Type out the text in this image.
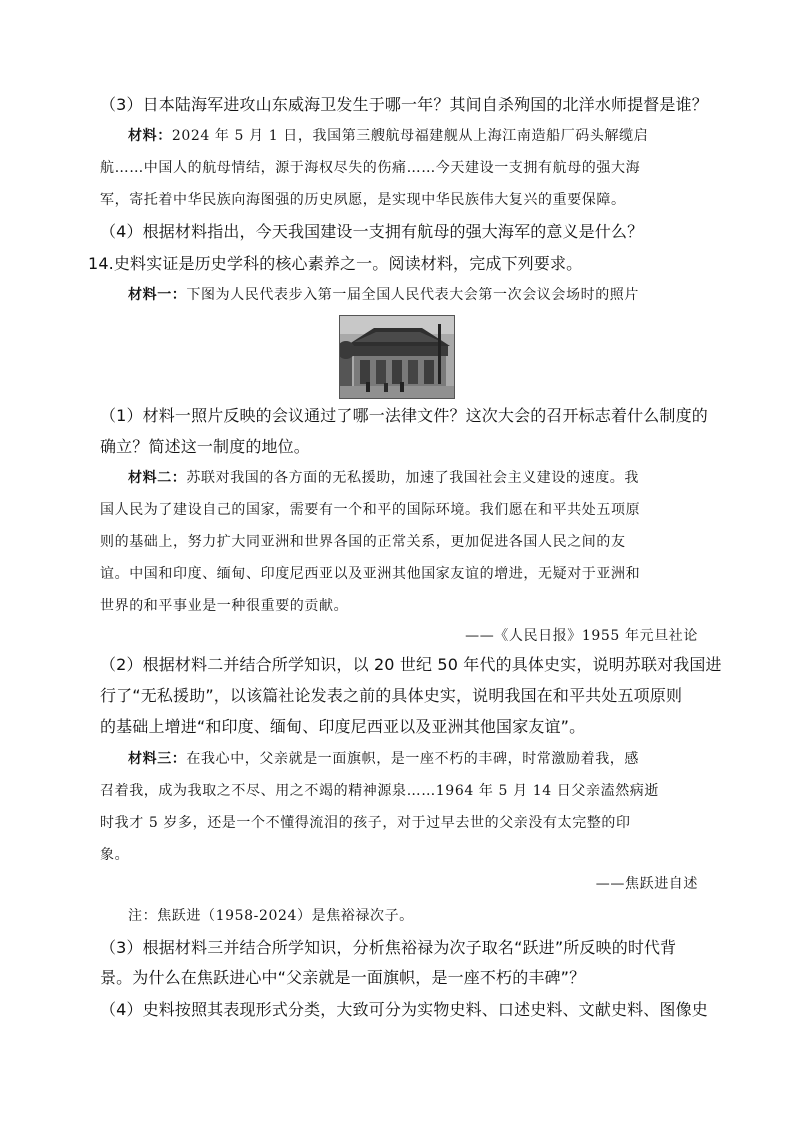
（3）日本陆海军进攻山东威海卫发生于哪一年？其间自杀殉国的北洋水师提督是谁？
材料：2024 年 5 月 1 日，我国第三艘航母福建舰从上海江南造船厂码头解缆启
航……中国人的航母情结，源于海权尽失的伤痛……今天建设一支拥有航母的强大海
军，寄托着中华民族向海图强的历史夙愿，是实现中华民族伟大复兴的重要保障。
（4）根据材料指出，今天我国建设一支拥有航母的强大海军的意义是什么？
14.史料实证是历史学科的核心素养之一。阅读材料，完成下列要求。
材料一：下图为人民代表步入第一届全国人民代表大会第一次会议会场时的照片
（1）材料一照片反映的会议通过了哪一法律文件？这次大会的召开标志着什么制度的
确立？简述这一制度的地位。
材料二：苏联对我国的各方面的无私援助，加速了我国社会主义建设的速度。我
国人民为了建设自己的国家，需要有一个和平的国际环境。我们愿在和平共处五项原
则的基础上，努力扩大同亚洲和世界各国的正常关系，更加促进各国人民之间的友
谊。中国和印度、缅甸、印度尼西亚以及亚洲其他国家友谊的增进，无疑对于亚洲和
世界的和平事业是一种很重要的贡献。
——《人民日报》1955 年元旦社论
（2）根据材料二并结合所学知识，以 20 世纪 50 年代的具体史实，说明苏联对我国进
行了“无私援助”，以该篇社论发表之前的具体史实，说明我国在和平共处五项原则
的基础上增进“和印度、缅甸、印度尼西亚以及亚洲其他国家友谊”。
材料三：在我心中，父亲就是一面旗帜，是一座不朽的丰碑，时常激励着我，感
召着我，成为我取之不尽、用之不竭的精神源泉……1964 年 5 月 14 日父亲溘然病逝
时我才 5 岁多，还是一个不懂得流泪的孩子，对于过早去世的父亲没有太完整的印
象。
——焦跃进自述
注：焦跃进（1958-2024）是焦裕禄次子。
（3）根据材料三并结合所学知识，分析焦裕禄为次子取名“跃进”所反映的时代背
景。为什么在焦跃进心中“父亲就是一面旗帜，是一座不朽的丰碑”？
（4）史料按照其表现形式分类，大致可分为实物史料、口述史料、文献史料、图像史
